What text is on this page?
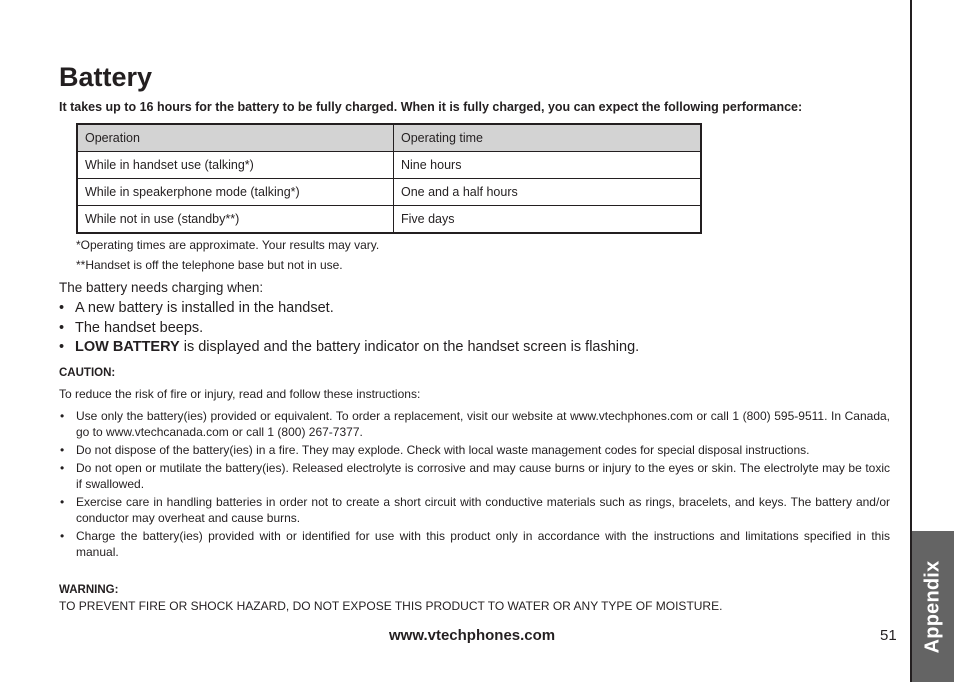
Appendix
Battery
It takes up to 16 hours for the battery to be fully charged. When it is fully charged, you can expect the following performance:
Operation	Operating time
While in handset use (talking*)	Nine hours
While in speakerphone mode (talking*)	One and a half hours
While not in use (standby**)	Five days
*Operating times are approximate. Your results may vary.
**Handset is off the telephone base but not in use.
The battery needs charging when:
• A new battery is installed in the handset.
• The handset beeps.
• LOW BATTERY is displayed and the battery indicator on the handset screen is flashing.
CAUTION:
To reduce the risk of fire or injury, read and follow these instructions:
• Use only the battery(ies) provided or equivalent. To order a replacement, visit our website at www.vtechphones.com or call 1 (800) 595-9511. In Canada, go to www.vtechcanada.com or call 1 (800) 267-7377.
• Do not dispose of the battery(ies) in a fire. They may explode. Check with local waste management codes for special disposal instructions.
• Do not open or mutilate the battery(ies). Released electrolyte is corrosive and may cause burns or injury to the eyes or skin. The electrolyte may be toxic if swallowed.
• Exercise care in handling batteries in order not to create a short circuit with conductive materials such as rings, bracelets, and keys. The battery and/or conductor may overheat and cause burns.
• Charge the battery(ies) provided with or identified for use with this product only in accordance with the instructions and limitations specified in this manual.
WARNING:
TO PREVENT FIRE OR SHOCK HAZARD, DO NOT EXPOSE THIS PRODUCT TO WATER OR ANY TYPE OF MOISTURE.
www.vtechphones.com	51
